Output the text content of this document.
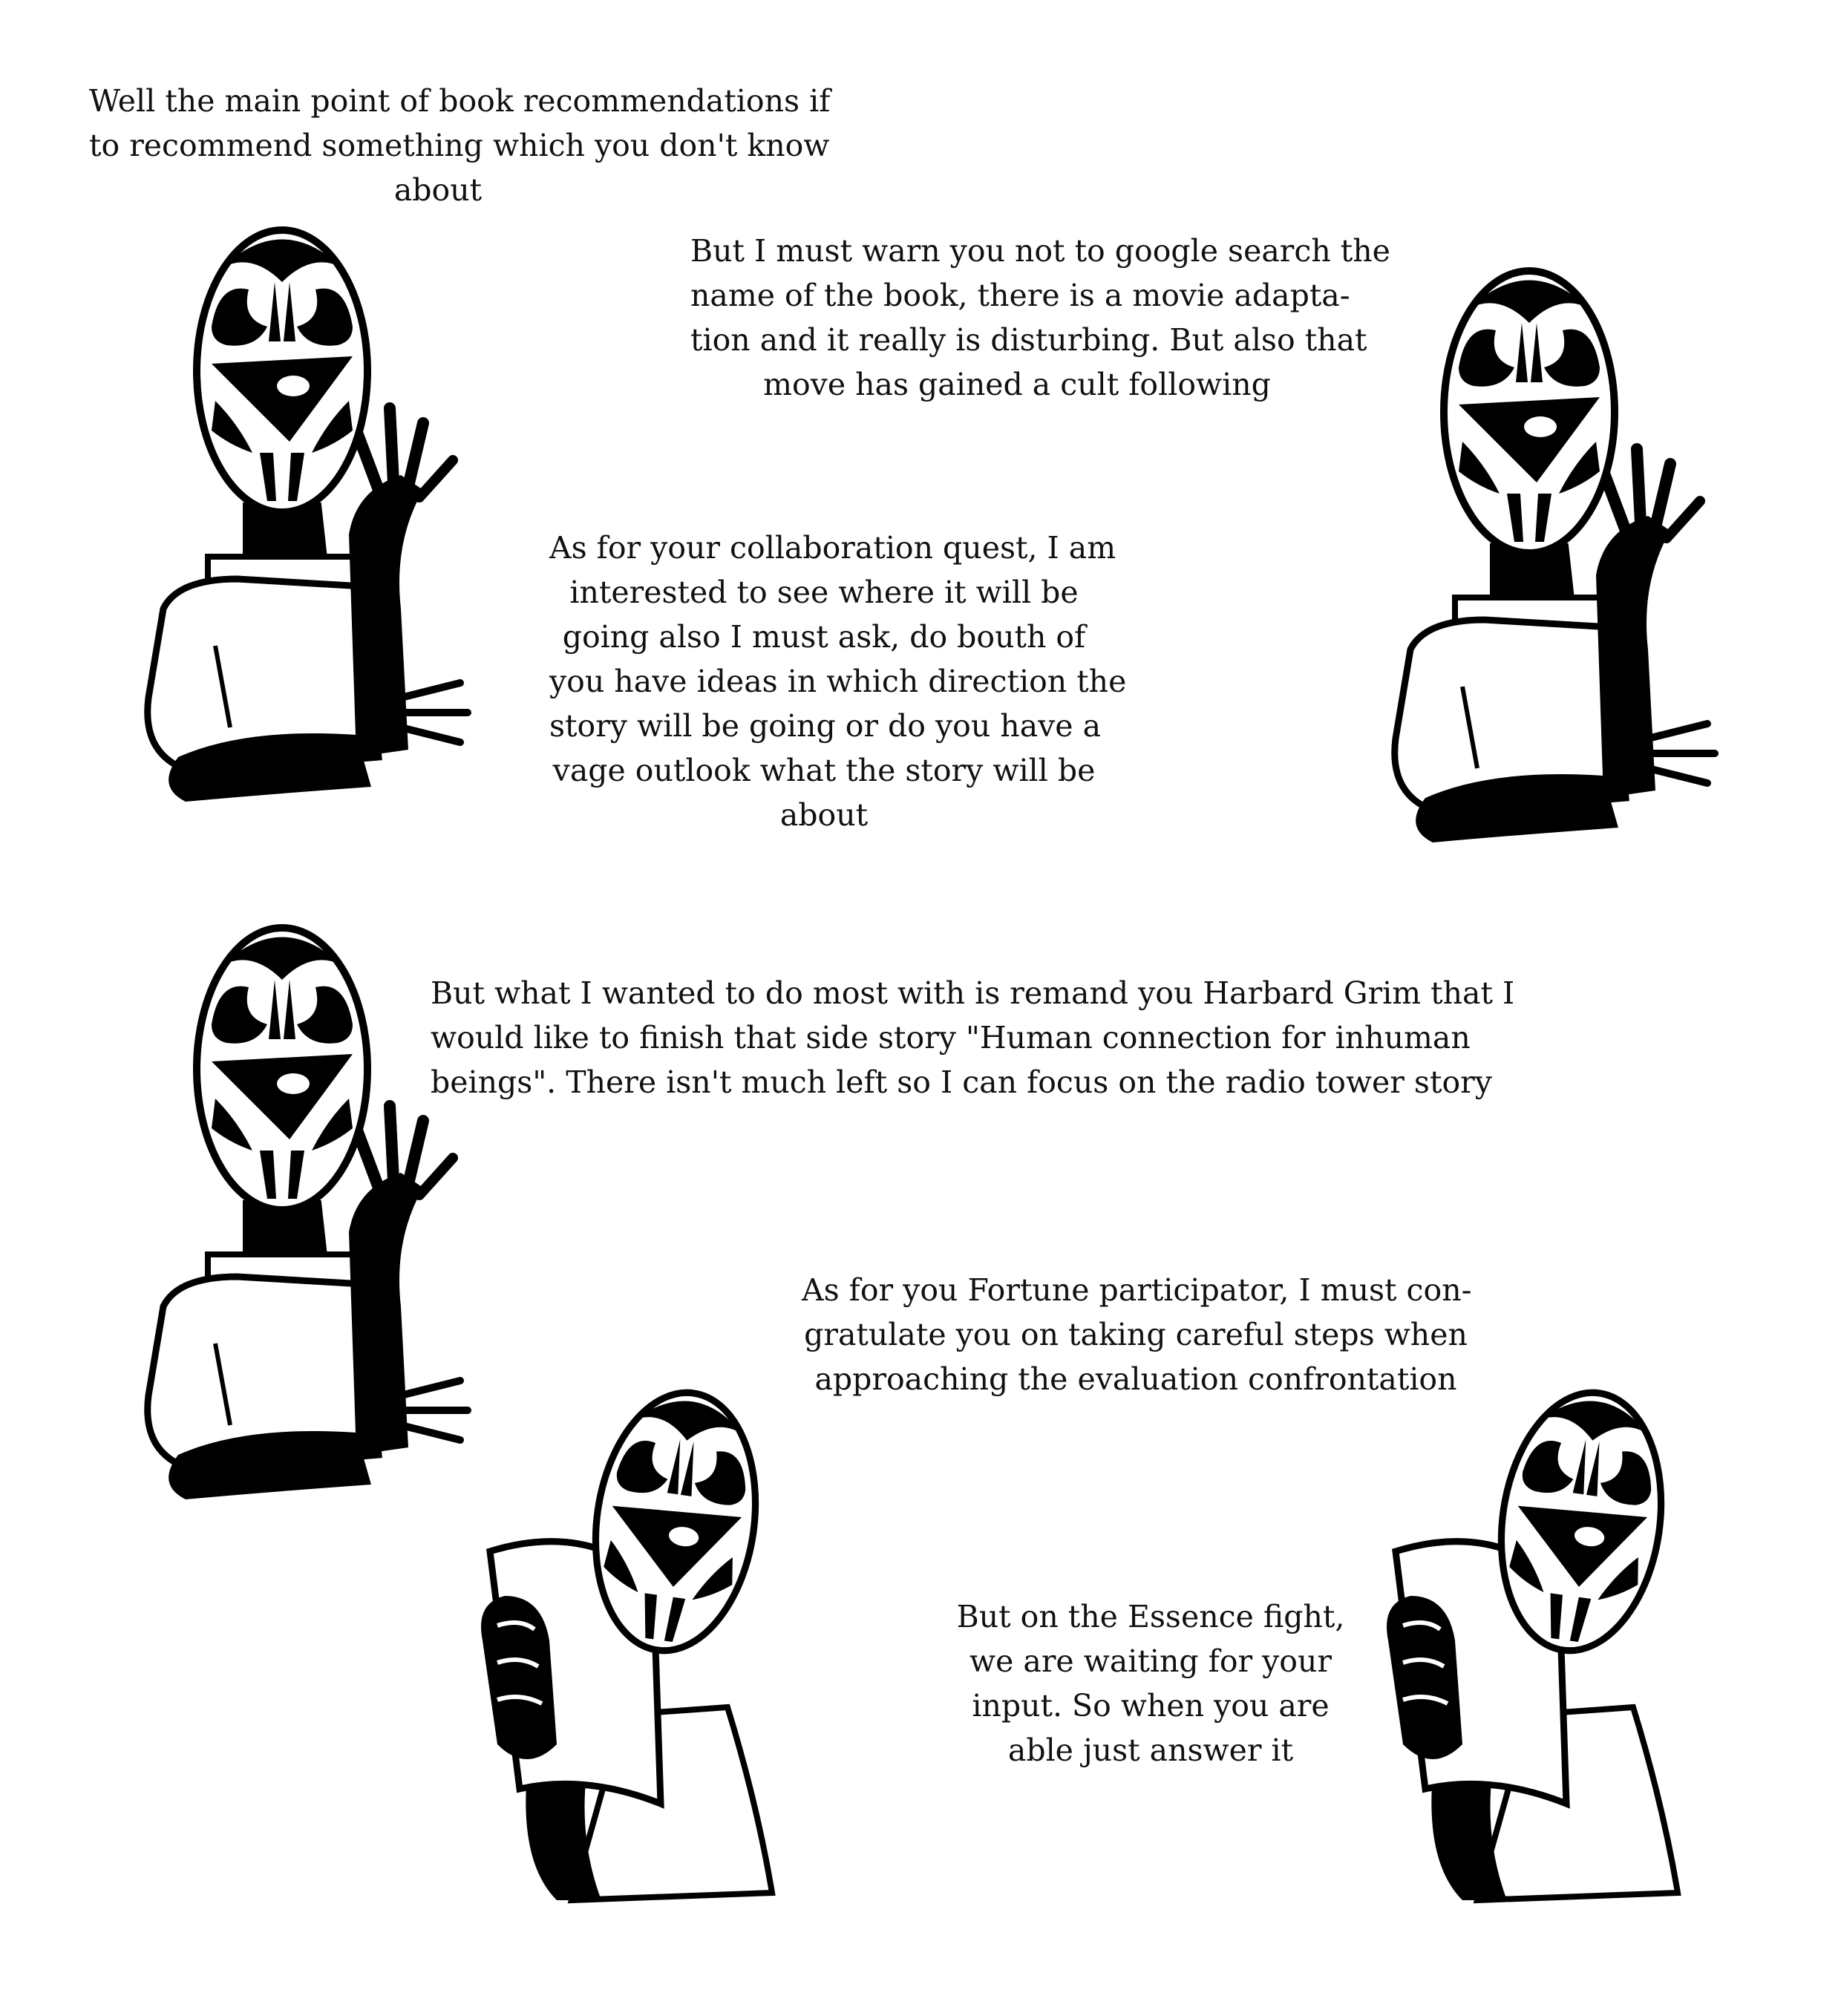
Well the main point of book recommendations if
to recommend something which you don't know
about
But I must warn you not to google search the
name of the book, there is a movie adapta-
tion and it really is disturbing. But also that
move has gained a cult following
As for your collaboration quest, I am
interested to see where it will be
going also I must ask, do bouth of
you have ideas in which direction the
story will be going or do you have a
vage outlook what the story will be
about
But what I wanted to do most with is remand you Harbard Grim that I
would like to finish that side story "Human connection for inhuman
beings". There isn't much left so I can focus on the radio tower story
As for you Fortune participator, I must con-
gratulate you on taking careful steps when
approaching the evaluation confrontation
But on the Essence fight,
we are waiting for your
input. So when you are
able just answer it
